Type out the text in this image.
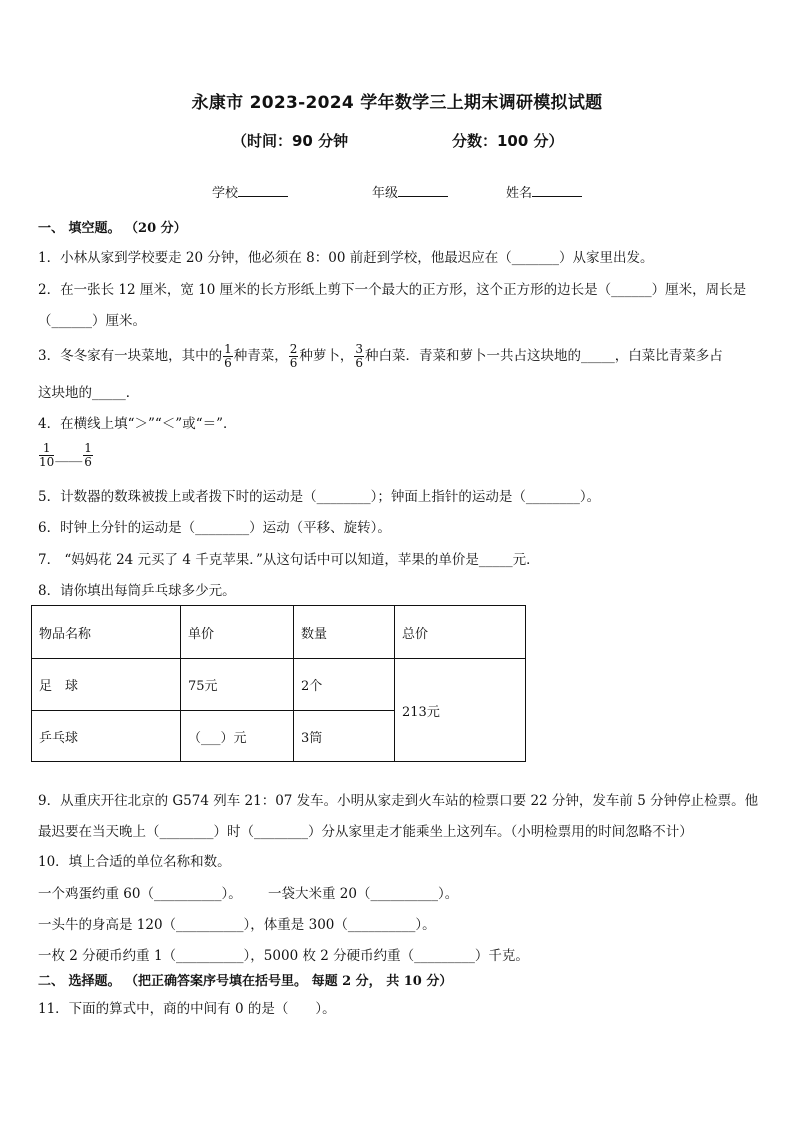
永康市 2023-2024 学年数学三上期末调研模拟试题
（时间：90 分钟	分数：100 分）
学校	年级	姓名
一、 填空题。 （20 分）
1．小林从家到学校要走 20 分钟，他必须在 8：00 前赶到学校，他最迟应在（_______）从家里出发。
2．在一张长 12 厘米，宽 10 厘米的长方形纸上剪下一个最大的正方形，这个正方形的边长是（______）厘米，周长是
（______）厘米。
3．冬冬家有一块菜地，其中的 $\frac{1}{6}$ 种青菜， $\frac{2}{6}$ 种萝卜， $\frac{3}{6}$ 种白菜．青菜和萝卜一共占这块地的_____，白菜比青菜多占
这块地的_____．
4．在横线上填“＞”“＜”或“＝”．
$\frac{1}{10}$ ____ $\frac{1}{6}$
5．计数器的数珠被拨上或者拨下时的运动是（________）；钟面上指针的运动是（________）。
6．时钟上分针的运动是（________）运动（平移、旋转）。
7． “妈妈花 24 元买了 4 千克苹果．”从这句话中可以知道，苹果的单价是_____元．
8．请你填出每筒乒乓球多少元。
物品名称	单价	数量	总价
足　球	75元	2个	213元
乒乓球	（___）元	3筒	
9．从重庆开往北京的 G574 列车 21：07 发车。小明从家走到火车站的检票口要 22 分钟，发车前 5 分钟停止检票。他
最迟要在当天晚上（________）时（________）分从家里走才能乘坐上这列车。（小明检票用的时间忽略不计）
10．填上合适的单位名称和数。
一个鸡蛋约重 60（__________）。 一袋大米重 20（__________）。
一头牛的身高是 120（__________），体重是 300（__________）。
一枚 2 分硬币约重 1（__________），5000 枚 2 分硬币约重（_________）千克。
二、 选择题。 （把正确答案序号填在括号里。 每题 2 分， 共 10 分）
11．下面的算式中，商的中间有 0 的是（　　）。
